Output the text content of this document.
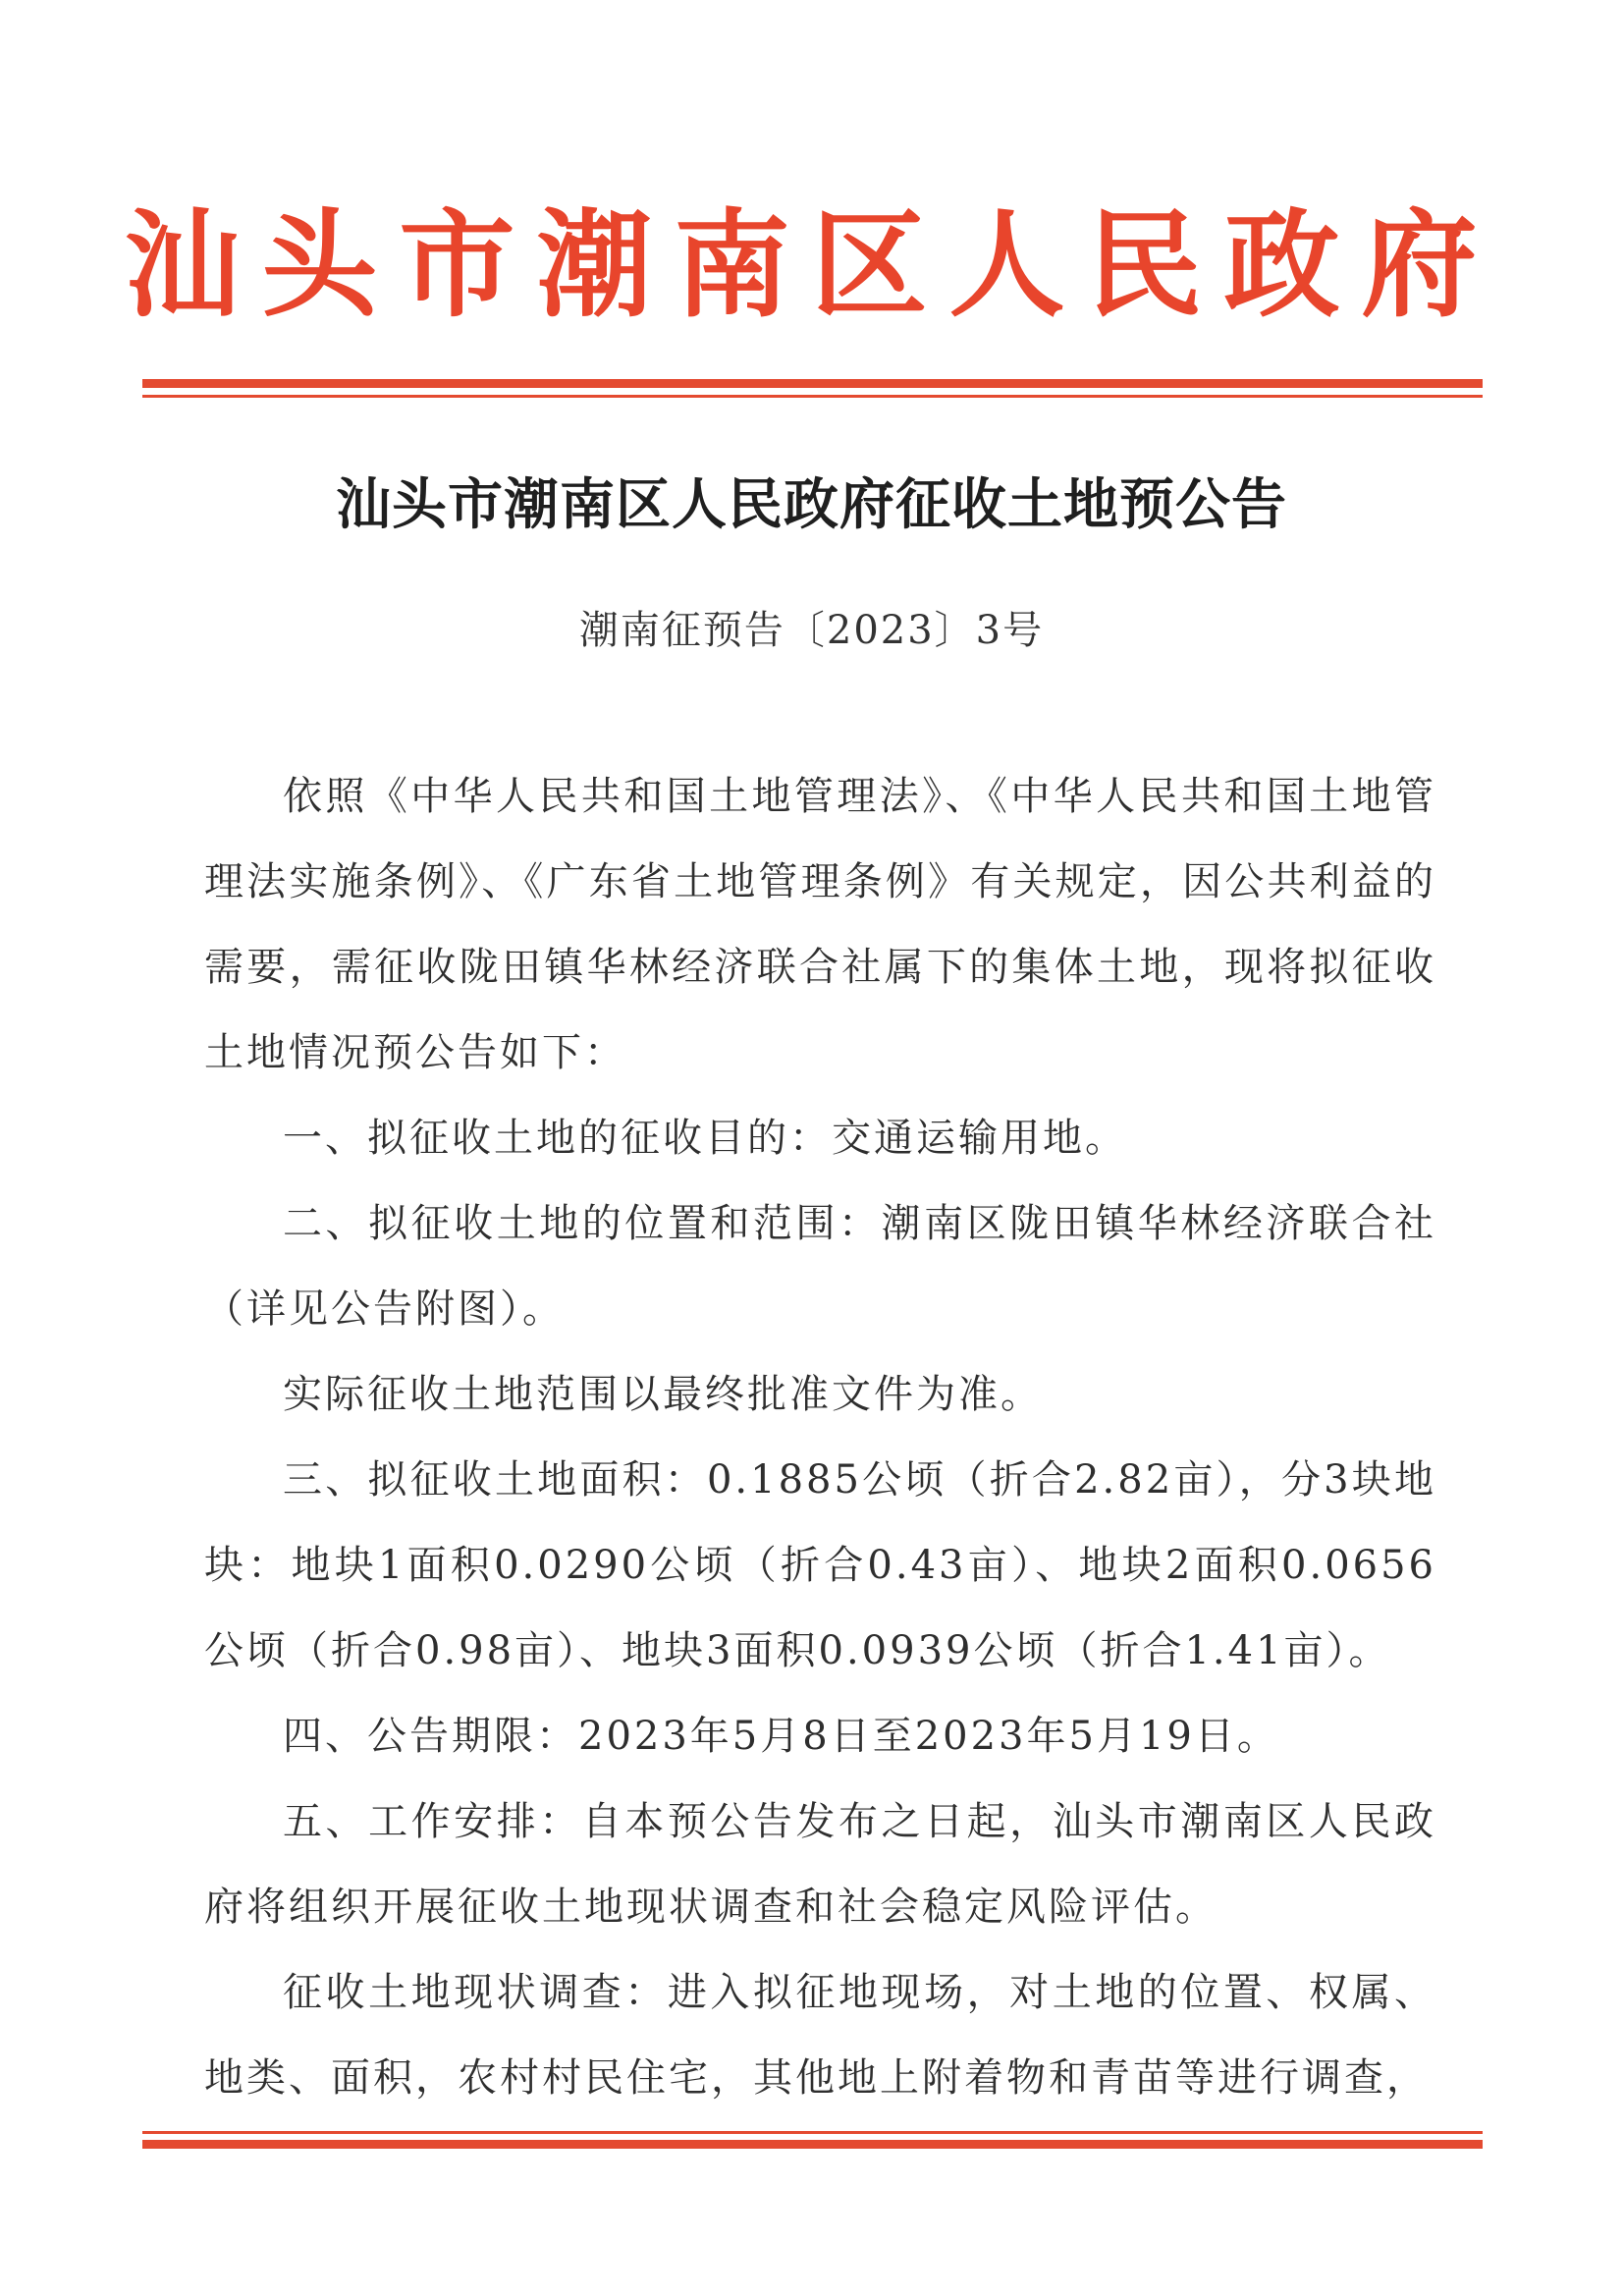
汕头市潮南区人民政府
汕头市潮南区人民政府征收土地预公告
潮南征预告〔2023〕3号

依照《中华人民共和国土地管理法》、《中华人民共和国土地管理法实施条例》、《广东省土地管理条例》有关规定，因公共利益的需要，需征收陇田镇华林经济联合社属下的集体土地，现将拟征收土地情况预公告如下：

一、拟征收土地的征收目的：交通运输用地。

二、拟征收土地的位置和范围：潮南区陇田镇华林经济联合社（详见公告附图）。

实际征收土地范围以最终批准文件为准。

三、拟征收土地面积：0.1885公顷（折合2.82亩），分3块地块：地块1面积0.0290公顷（折合0.43亩）、地块2面积0.0656公顷（折合0.98亩）、地块3面积0.0939公顷（折合1.41亩）。

四、公告期限：2023年5月8日至2023年5月19日。

五、工作安排：自本预公告发布之日起，汕头市潮南区人民政府将组织开展征收土地现状调查和社会稳定风险评估。

征收土地现状调查：进入拟征地现场，对土地的位置、权属、地类、面积，农村村民住宅，其他地上附着物和青苗等进行调查，
